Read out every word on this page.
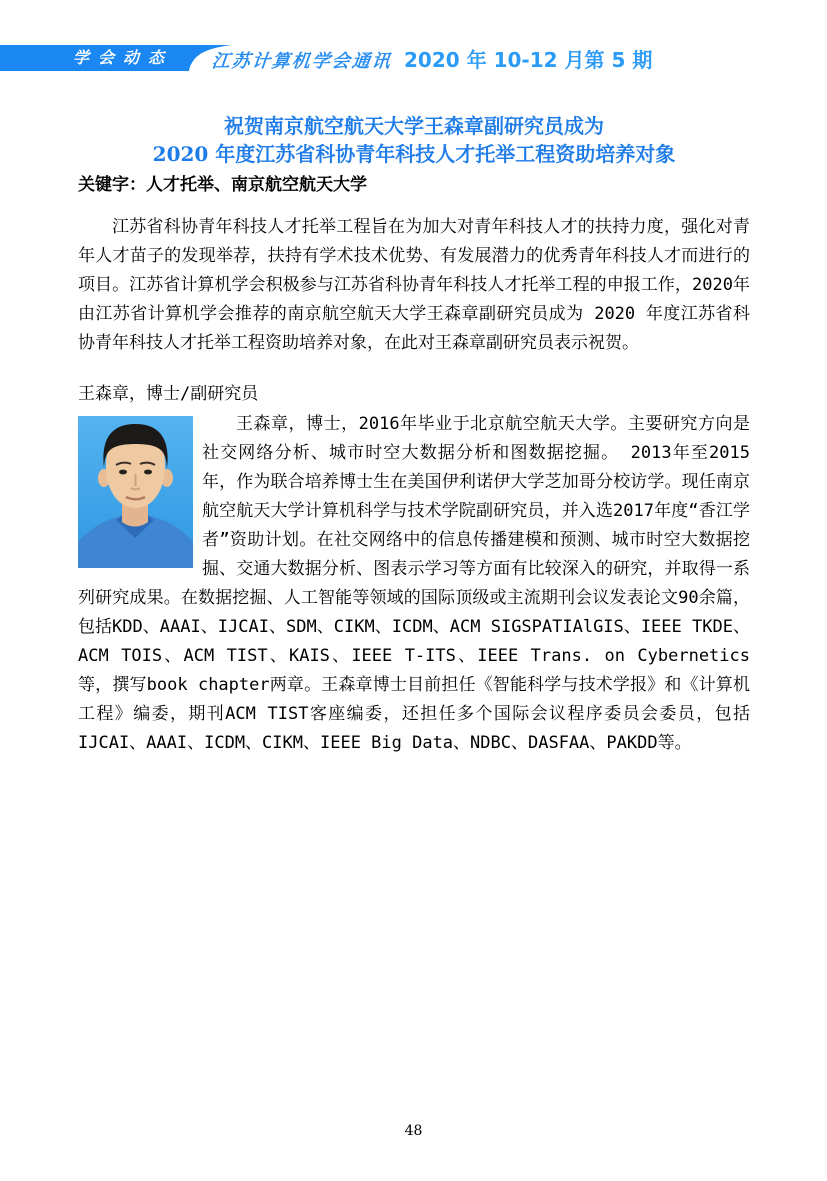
学会动态	江苏计算机学会通讯 2020 年 10-12 月第 5 期
祝贺南京航空航天大学王森章副研究员成为
2020 年度江苏省科协青年科技人才托举工程资助培养对象
关键字：人才托举、南京航空航天大学

江苏省科协青年科技人才托举工程旨在为加大对青年科技人才的扶持力度，强化对青年人才苗子的发现举荐，扶持有学术技术优势、有发展潜力的优秀青年科技人才而进行的项目。江苏省计算机学会积极参与江苏省科协青年科技人才托举工程的申报工作，2020年由江苏省计算机学会推荐的南京航空航天大学王森章副研究员成为 2020 年度江苏省科协青年科技人才托举工程资助培养对象，在此对王森章副研究员表示祝贺。

王森章，博士/副研究员

王森章，博士，2016年毕业于北京航空航天大学。主要研究方向是社交网络分析、城市时空大数据分析和图数据挖掘。 2013年至2015年，作为联合培养博士生在美国伊利诺伊大学芝加哥分校访学。现任南京航空航天大学计算机科学与技术学院副研究员，并入选2017年度“香江学者”资助计划。在社交网络中的信息传播建模和预测、城市时空大数据挖掘、交通大数据分析、图表示学习等方面有比较深入的研究，并取得一系列研究成果。在数据挖掘、人工智能等领域的国际顶级或主流期刊会议发表论文90余篇，包括KDD、AAAI、IJCAI、SDM、CIKM、ICDM、ACM SIGSPATIAlGIS、IEEE TKDE、ACM TOIS、ACM TIST、KAIS、IEEE T-ITS、IEEE Trans. on Cybernetics等，撰写book chapter两章。王森章博士目前担任《智能科学与技术学报》和《计算机工程》编委，期刊ACM TIST客座编委，还担任多个国际会议程序委员会委员，包括IJCAI、AAAI、ICDM、CIKM、IEEE Big Data、NDBC、DASFAA、PAKDD等。

48
